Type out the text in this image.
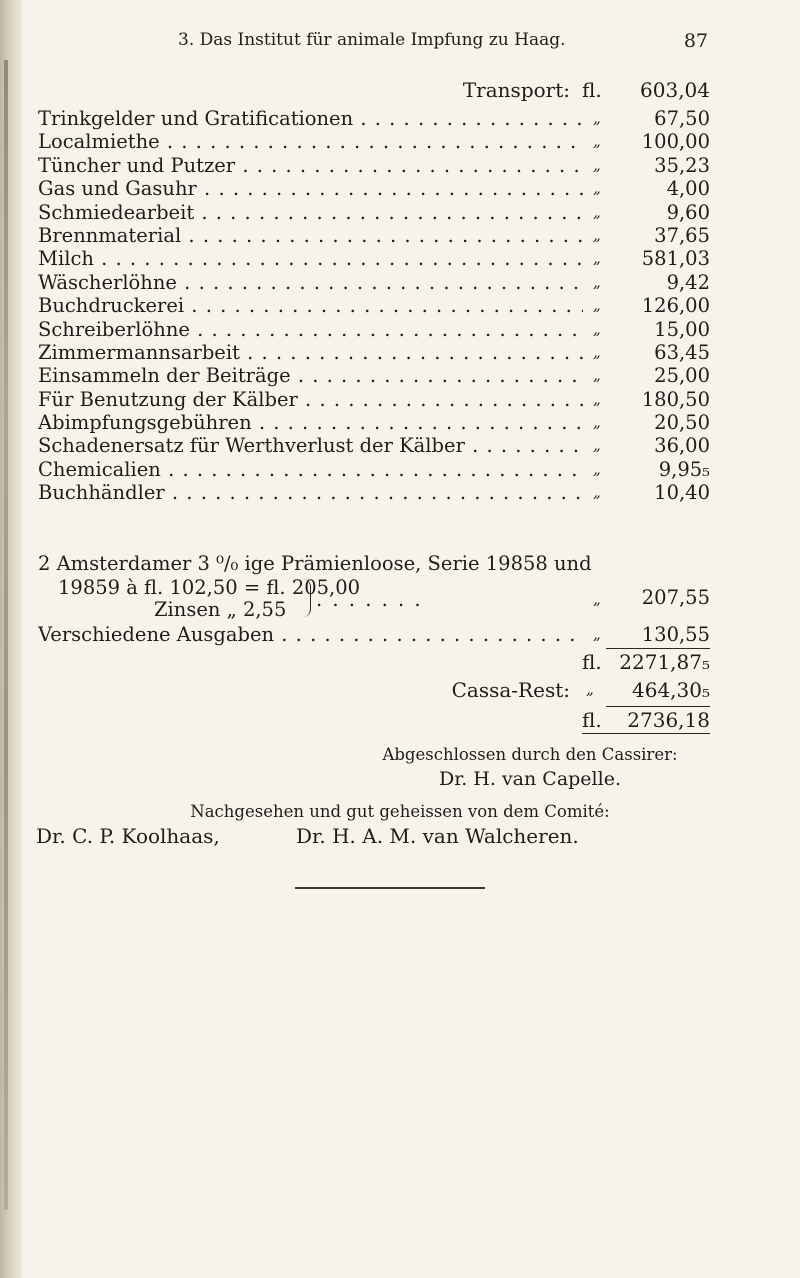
3. Das Institut für animale Impfung zu Haag.	87
Transport: fl.	603,04
Trinkgelder und Gratificationen . . .	„	67,50
Localmiethe . . .	„	100,00
Tüncher und Putzer . . .	„	35,23
Gas und Gasuhr . . .	„	4,00
Schmiedearbeit . . .	„	9,60
Brennmaterial . . .	„	37,65
Milch . . .	„	581,03
Wäscherlöhne . . .	„	9,42
Buchdruckerei . . .	„	126,00
Schreiberlöhne . . .	„	15,00
Zimmermannsarbeit . . .	„	63,45
Einsammeln der Beiträge . . .	„	25,00
Für Benutzung der Kälber . . .	„	180,50
Abimpfungsgebühren . . .	„	20,50
Schadenersatz für Werthverlust der Kälber . . .	„	36,00
Chemicalien . . .	„	9,95₅
Buchhändler . . .	„	10,40
2 Amsterdamer 3 ⁰/₀ ige Prämienloose, Serie 19858 und
19859 à fl. 102,50 = fl. 205,00
Zinsen „ 2,55 . . . . . . .	„	207,55
Verschiedene Ausgaben . . .	„	130,55
fl. 2271,87₅
Cassa-Rest: „	464,30₅
fl.	2736,18
Abgeschlossen durch den Cassirer:
Dr. H. van Capelle.
Nachgesehen und gut geheissen von dem Comité:
Dr. C. P. Koolhaas,	Dr. H. A. M. van Walcheren.
